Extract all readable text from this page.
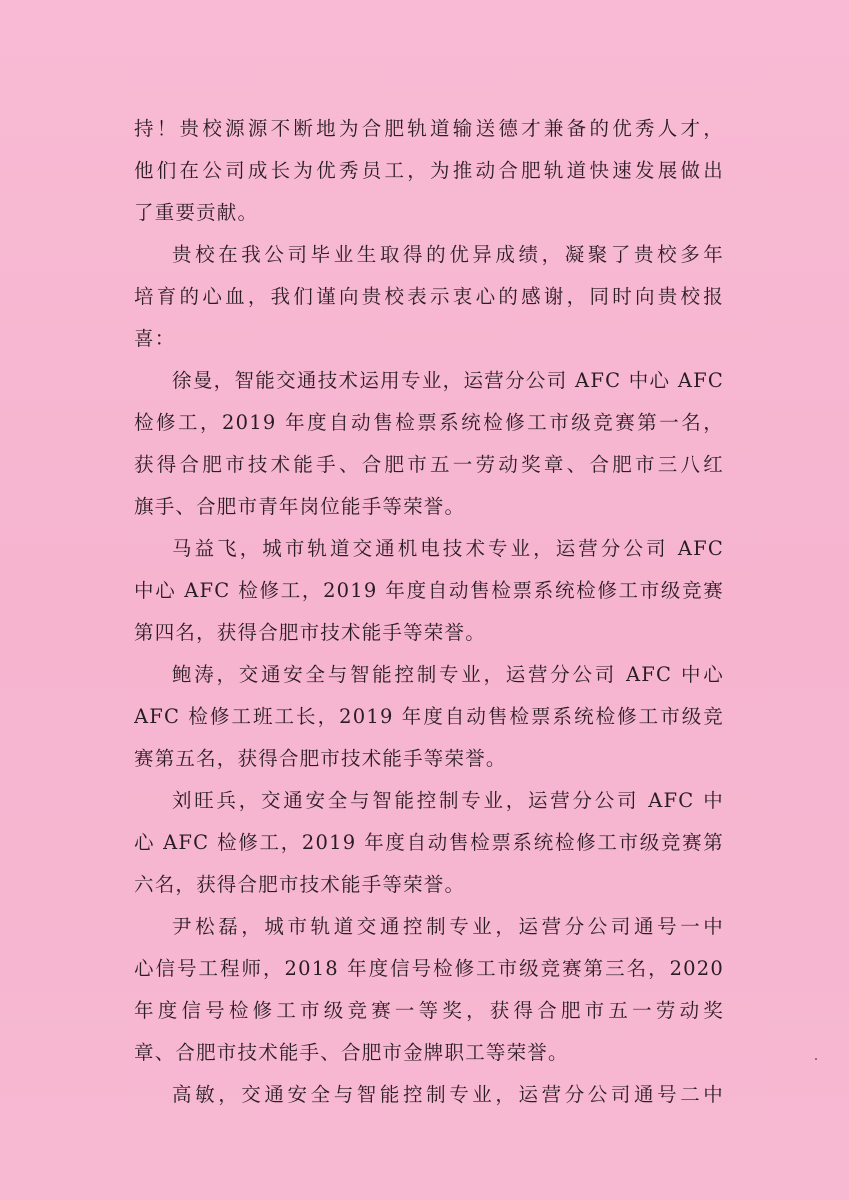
持！贵校源源不断地为合肥轨道输送德才兼备的优秀人才，
他们在公司成长为优秀员工，为推动合肥轨道快速发展做出
了重要贡献。
贵校在我公司毕业生取得的优异成绩，凝聚了贵校多年
培育的心血，我们谨向贵校表示衷心的感谢，同时向贵校报
喜：
徐曼，智能交通技术运用专业，运营分公司 AFC 中心 AFC
检修工，2019 年度自动售检票系统检修工市级竞赛第一名，
获得合肥市技术能手、合肥市五一劳动奖章、合肥市三八红
旗手、合肥市青年岗位能手等荣誉。
马益飞，城市轨道交通机电技术专业，运营分公司 AFC
中心 AFC 检修工，2019 年度自动售检票系统检修工市级竞赛
第四名，获得合肥市技术能手等荣誉。
鲍涛，交通安全与智能控制专业，运营分公司 AFC 中心
AFC 检修工班工长，2019 年度自动售检票系统检修工市级竞
赛第五名，获得合肥市技术能手等荣誉。
刘旺兵，交通安全与智能控制专业，运营分公司 AFC 中
心 AFC 检修工，2019 年度自动售检票系统检修工市级竞赛第
六名，获得合肥市技术能手等荣誉。
尹松磊，城市轨道交通控制专业，运营分公司通号一中
心信号工程师，2018 年度信号检修工市级竞赛第三名，2020
年度信号检修工市级竞赛一等奖，获得合肥市五一劳动奖
章、合肥市技术能手、合肥市金牌职工等荣誉。
高敏，交通安全与智能控制专业，运营分公司通号二中
